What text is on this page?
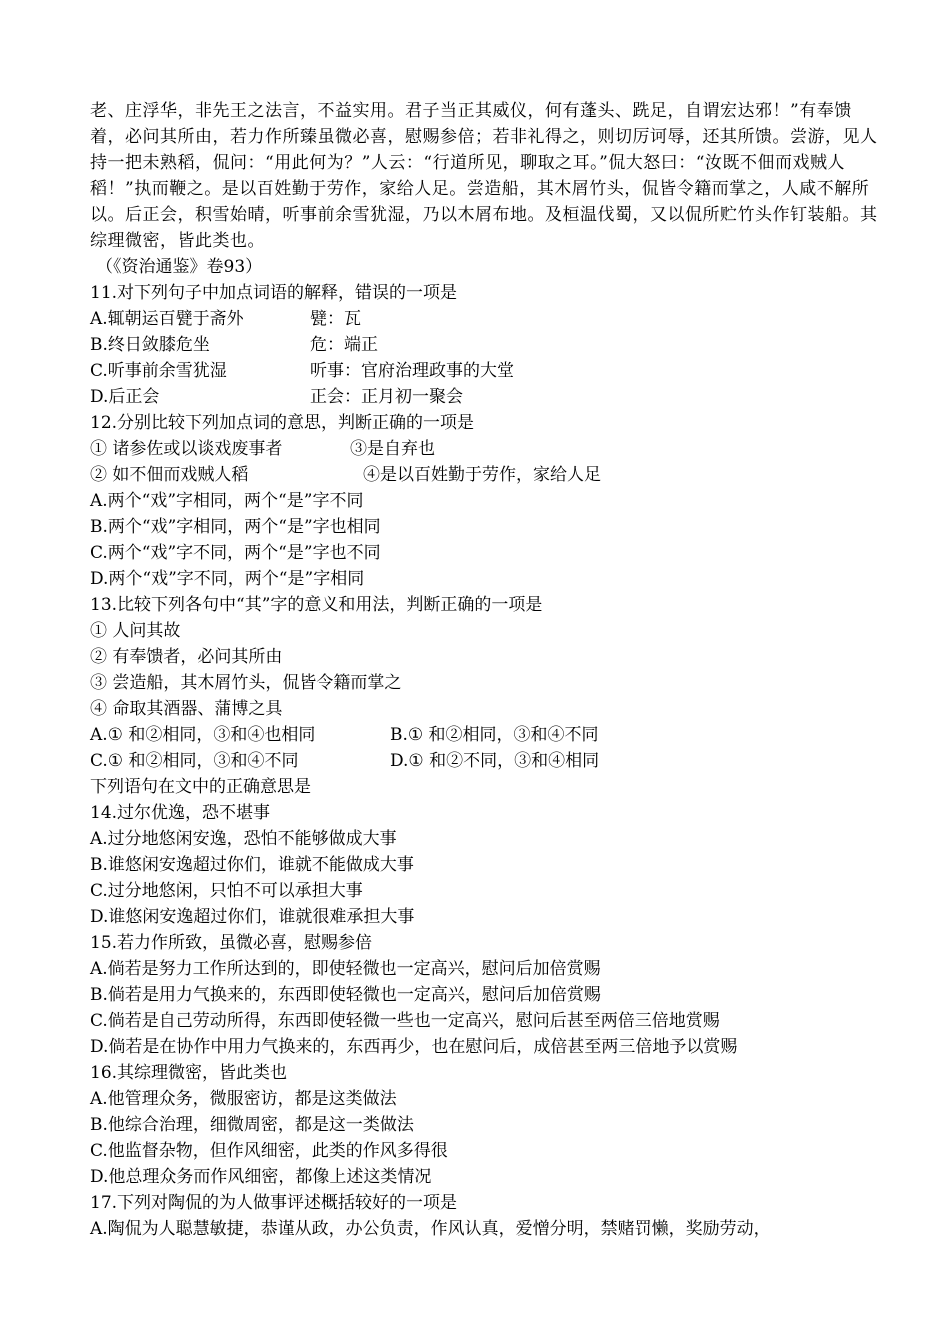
老、庄浮华，非先王之法言，不益实用。君子当正其威仪，何有蓬头、跣足，自谓宏达邪！”有奉馈着，必问其所由，若力作所臻虽微必喜，慰赐参倍；若非礼得之，则切厉诃辱，还其所馈。尝游，见人持一把未熟稻，侃问：“用此何为？”人云：“行道所见，聊取之耳。”侃大怒曰：“汝既不佃而戏贼人稻！”执而鞭之。是以百姓勤于劳作，家给人足。尝造船，其木屑竹头，侃皆令籍而掌之，人咸不解所以。后正会，积雪始晴，听事前余雪犹湿，乃以木屑布地。及桓温伐蜀，又以侃所贮竹头作钉装船。其综理微密，皆此类也。

（《资治通鉴》卷93）
11.对下列句子中加点词语的解释，错误的一项是
A.辄朝运百甓于斋外	甓：瓦
B.终日敛膝危坐	危：端正
C.听事前余雪犹湿	听事：官府治理政事的大堂
D.后正会	正会：正月初一聚会
12.分别比较下列加点词的意思，判断正确的一项是
① 诸参佐或以谈戏废事者	③是自弃也
② 如不佃而戏贼人稻	④是以百姓勤于劳作，家给人足
A.两个“戏”字相同，两个“是”字不同
B.两个“戏”字相同，两个“是”字也相同
C.两个“戏”字不同，两个“是”字也不同
D.两个“戏”字不同，两个“是”字相同
13.比较下列各句中“其”字的意义和用法，判断正确的一项是
① 人问其故
② 有奉馈者，必问其所由
③ 尝造船，其木屑竹头，侃皆令籍而掌之
④ 命取其酒器、蒲博之具
A.① 和②相同，③和④也相同	B.① 和②相同，③和④不同
C.① 和②相同，③和④不同	D.① 和②不同，③和④相同
下列语句在文中的正确意思是
14.过尔优逸，恐不堪事
A.过分地悠闲安逸，恐怕不能够做成大事
B.谁悠闲安逸超过你们，谁就不能做成大事
C.过分地悠闲，只怕不可以承担大事
D.谁悠闲安逸超过你们，谁就很难承担大事
15.若力作所致，虽微必喜，慰赐参倍
A.倘若是努力工作所达到的，即使轻微也一定高兴，慰问后加倍赏赐
B.倘若是用力气换来的，东西即使轻微也一定高兴，慰问后加倍赏赐
C.倘若是自己劳动所得，东西即使轻微一些也一定高兴，慰问后甚至两倍三倍地赏赐
D.倘若是在协作中用力气换来的，东西再少，也在慰问后，成倍甚至两三倍地予以赏赐
16.其综理微密，皆此类也
A.他管理众务，微服密访，都是这类做法
B.他综合治理，细微周密，都是这一类做法
C.他监督杂物，但作风细密，此类的作风多得很
D.他总理众务而作风细密，都像上述这类情况
17.下列对陶侃的为人做事评述概括较好的一项是
A.陶侃为人聪慧敏捷，恭谨从政，办公负责，作风认真，爱憎分明，禁赌罚懒，奖励劳动，
